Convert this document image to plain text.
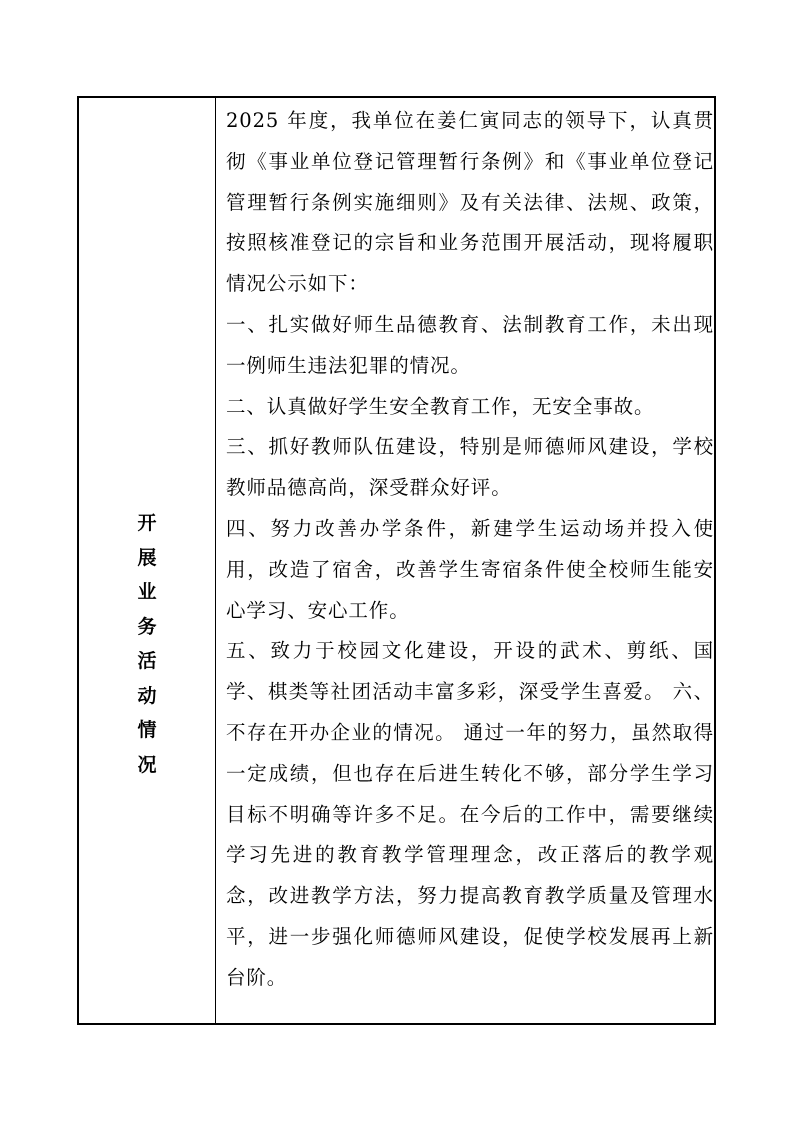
开
展
业
务
活
动
情
况

2025 年度，我单位在姜仁寅同志的领导下，认真贯彻《事业单位登记管理暂行条例》和《事业单位登记管理暂行条例实施细则》及有关法律、法规、政策，按照核准登记的宗旨和业务范围开展活动，现将履职情况公示如下：

一、扎实做好师生品德教育、法制教育工作，未出现一例师生违法犯罪的情况。

二、认真做好学生安全教育工作，无安全事故。

三、抓好教师队伍建设，特别是师德师风建设，学校教师品德高尚，深受群众好评。

四、努力改善办学条件，新建学生运动场并投入使用，改造了宿舍，改善学生寄宿条件使全校师生能安心学习、安心工作。

五、致力于校园文化建设，开设的武术、剪纸、国学、棋类等社团活动丰富多彩，深受学生喜爱。 六、不存在开办企业的情况。 通过一年的努力，虽然取得一定成绩，但也存在后进生转化不够，部分学生学习目标不明确等许多不足。在今后的工作中，需要继续学习先进的教育教学管理理念，改正落后的教学观念，改进教学方法，努力提高教育教学质量及管理水平，进一步强化师德师风建设，促使学校发展再上新台阶。
